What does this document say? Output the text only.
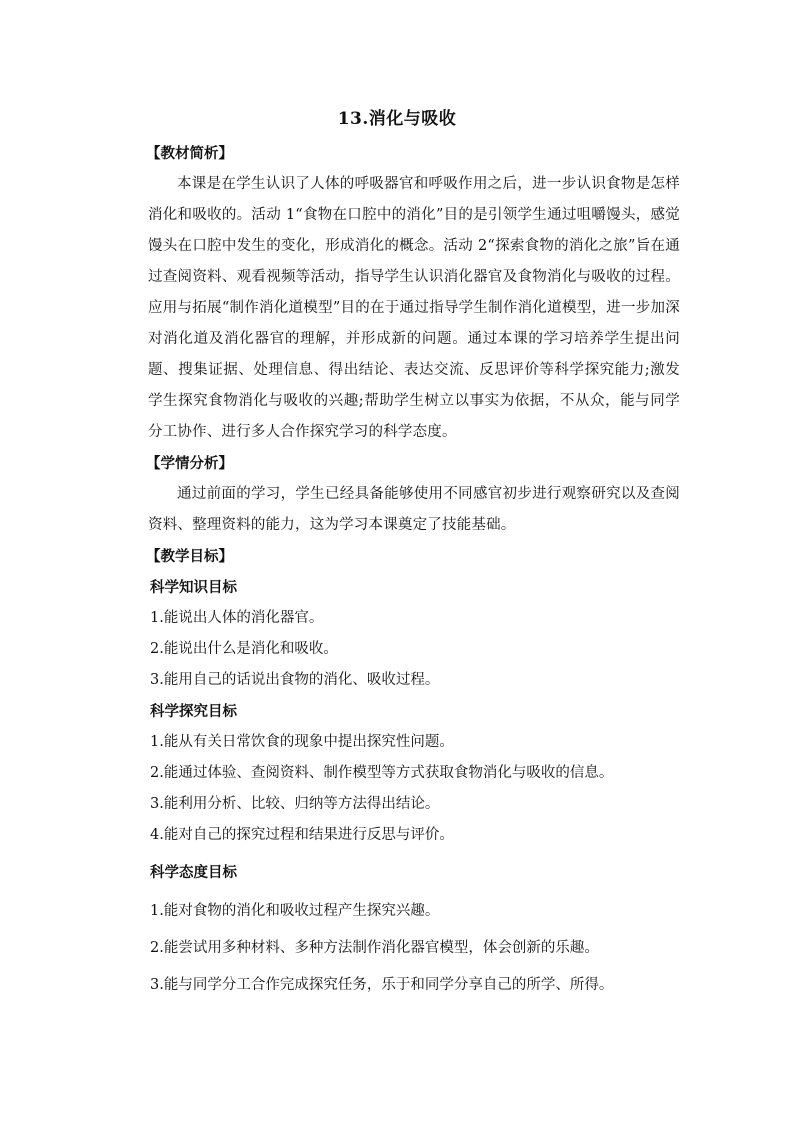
13.消化与吸收

【教材简析】

本课是在学生认识了人体的呼吸器官和呼吸作用之后，进一步认识食物是怎样消化和吸收的。活动 1“食物在口腔中的消化”目的是引领学生通过咀嚼馒头，感觉馒头在口腔中发生的变化，形成消化的概念。活动 2“探索食物的消化之旅”旨在通过查阅资料、观看视频等活动，指导学生认识消化器官及食物消化与吸收的过程。应用与拓展“制作消化道模型”目的在于通过指导学生制作消化道模型，进一步加深对消化道及消化器官的理解，并形成新的问题。通过本课的学习培养学生提出问题、搜集证据、处理信息、得出结论、表达交流、反思评价等科学探究能力;激发学生探究食物消化与吸收的兴趣;帮助学生树立以事实为依据，不从众，能与同学分工协作、进行多人合作探究学习的科学态度。

【学情分析】

通过前面的学习，学生已经具备能够使用不同感官初步进行观察研究以及查阅资料、整理资料的能力，这为学习本课奠定了技能基础。

【教学目标】

科学知识目标

1.能说出人体的消化器官。

2.能说出什么是消化和吸收。

3.能用自己的话说出食物的消化、吸收过程。

科学探究目标

1.能从有关日常饮食的现象中提出探究性问题。

2.能通过体验、查阅资料、制作模型等方式获取食物消化与吸收的信息。

3.能利用分析、比较、归纳等方法得出结论。

4.能对自己的探究过程和结果进行反思与评价。

科学态度目标

1.能对食物的消化和吸收过程产生探究兴趣。

2.能尝试用多种材料、多种方法制作消化器官模型，体会创新的乐趣。

3.能与同学分工合作完成探究任务，乐于和同学分享自己的所学、所得。
